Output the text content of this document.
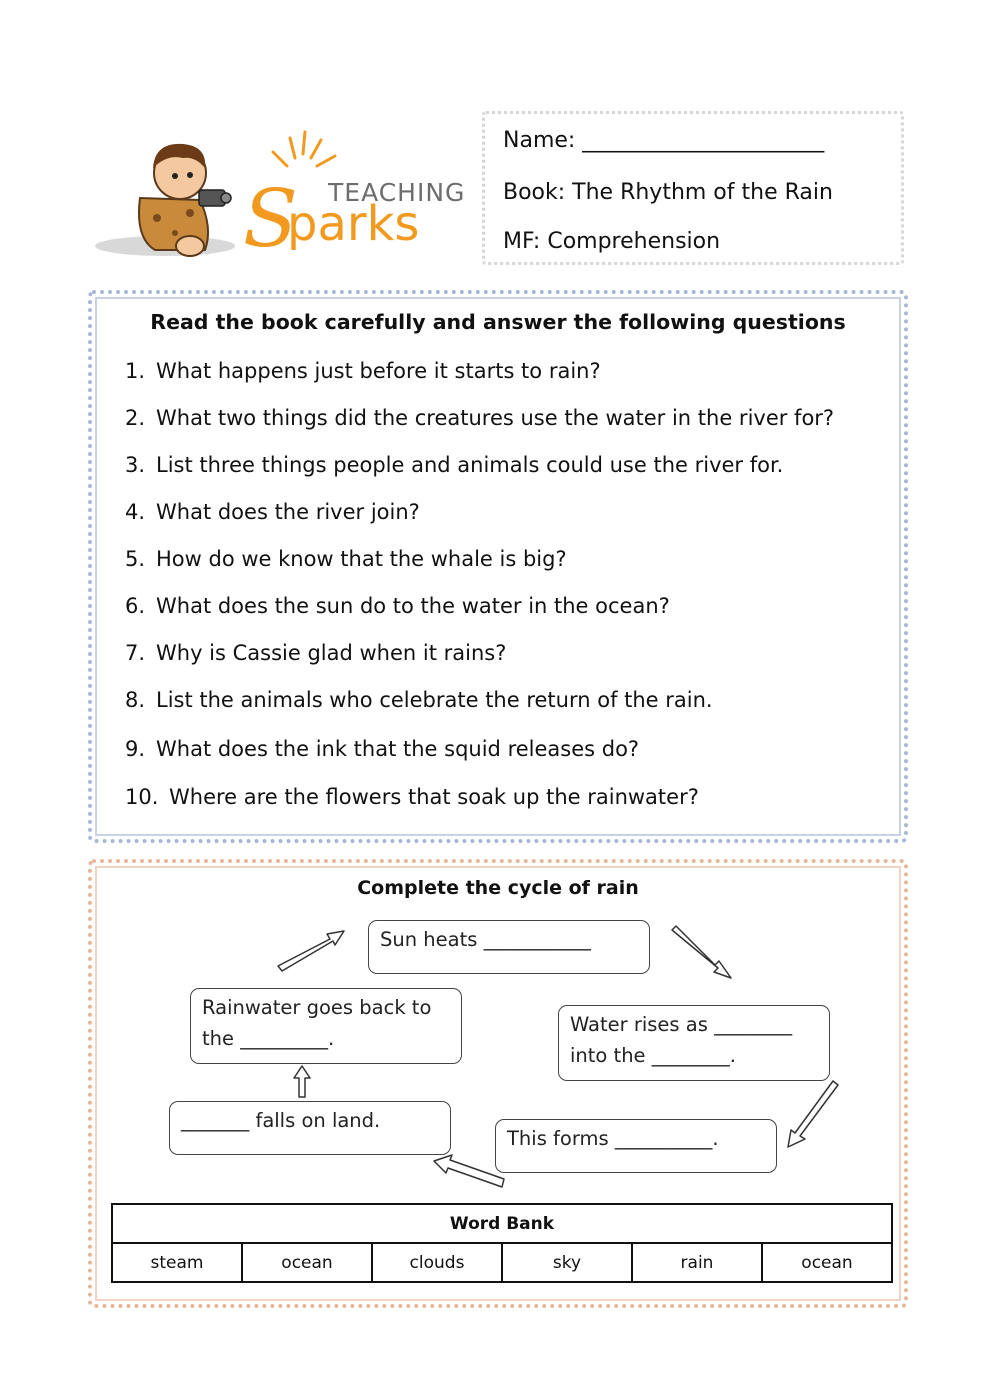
S
parks
TEACHING
Name: ______________________
Book: The Rhythm of the Rain
MF: Comprehension
Read the book carefully and answer the following questions
1. What happens just before it starts to rain?
2. What two things did the creatures use the water in the river for?
3. List three things people and animals could use the river for.
4. What does the river join?
5. How do we know that the whale is big?
6. What does the sun do to the water in the ocean?
7. Why is Cassie glad when it rains?
8. List the animals who celebrate the return of the rain.
9. What does the ink that the squid releases do?
10. Where are the flowers that soak up the rainwater?
Complete the cycle of rain
Sun heats ___________
Water rises as ________
into the ________.
This forms __________.
_______ falls on land.
Rainwater goes back to
the _________.
Word Bank
steam	ocean	clouds	sky	rain	ocean
